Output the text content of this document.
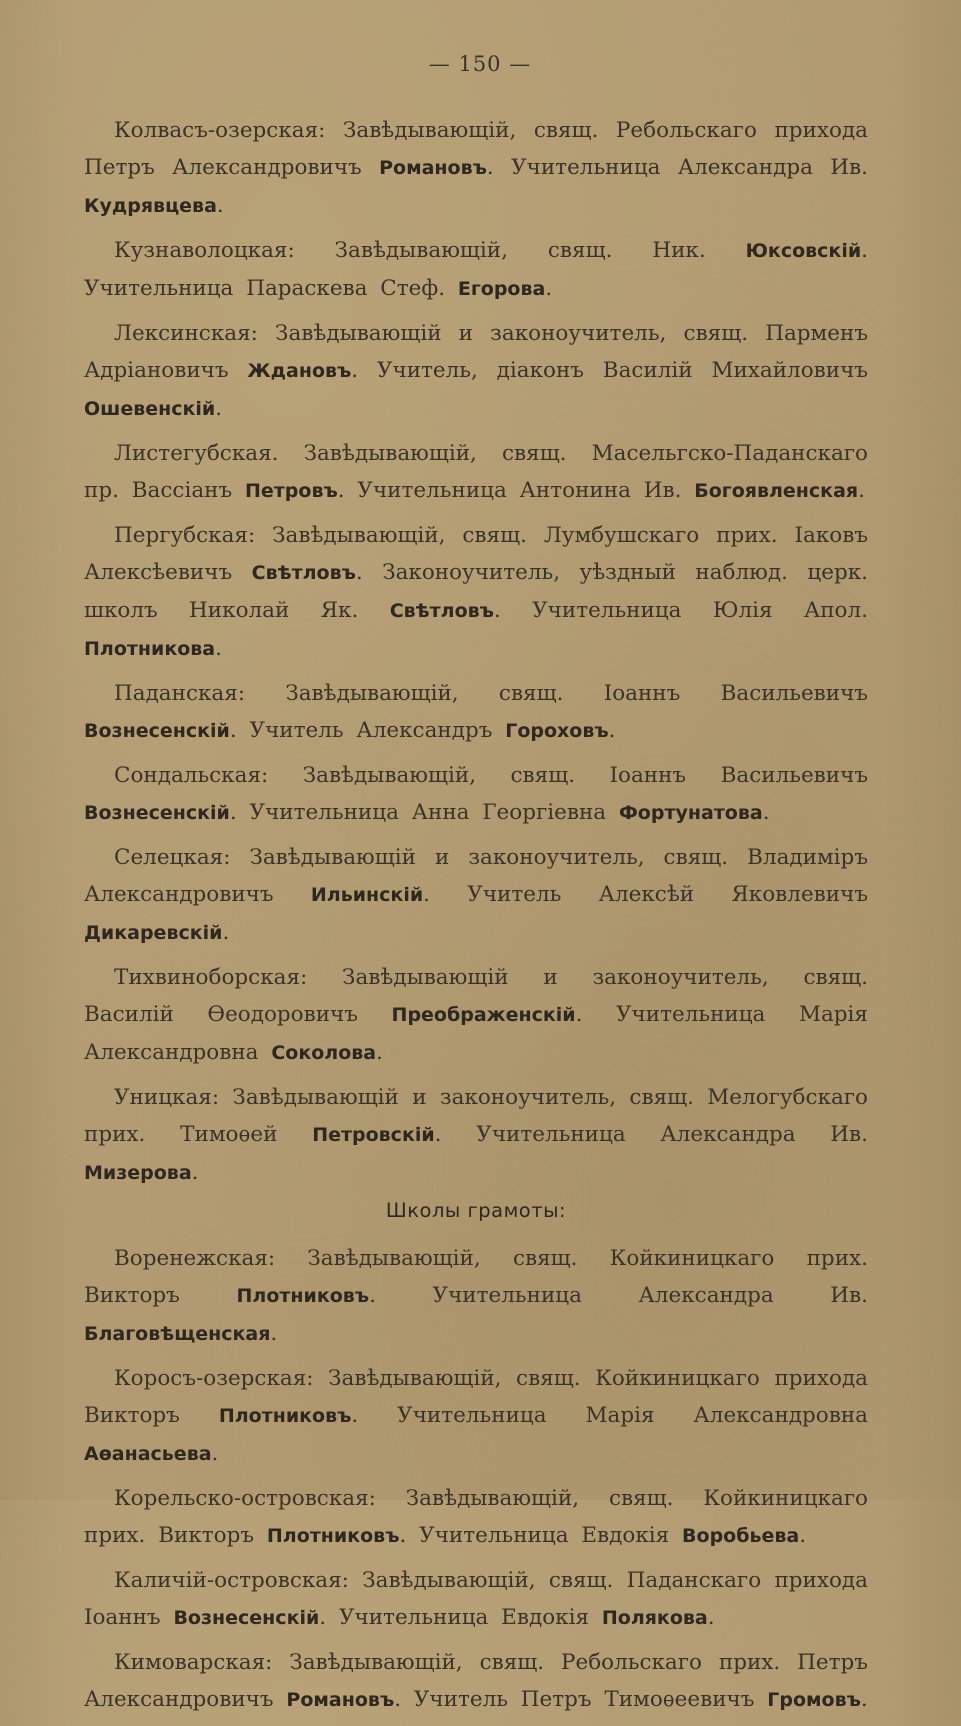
— 150 —

Колвасъ-озерская: Завѣдывающій, свящ. Ребольскаго прихода Петръ Александровичъ Романовъ. Учительница Александра Ив. Кудрявцева.

Кузнаволоцкая: Завѣдывающій, свящ. Ник. Юксовскій. Учительница Параскева Стеф. Егорова.

Лексинская: Завѣдывающій и законоучитель, свящ. Парменъ Адріановичъ Ждановъ. Учитель, діаконъ Василій Михайловичъ Ошевенскій.

Листегубская. Завѣдывающій, свящ. Масельгско-Паданскаго пр. Вассіанъ Петровъ. Учительница Антонина Ив. Богоявленская.

Пергубская: Завѣдывающій, свящ. Лумбушскаго прих. Іаковъ Алексѣевичъ Свѣтловъ. Законоучитель, уѣздный наблюд. церк. школъ Николай Як. Свѣтловъ. Учительница Юлія Апол. Плотникова.

Паданская: Завѣдывающій, свящ. Іоаннъ Васильевичъ Вознесенскій. Учитель Александръ Гороховъ.

Сондальская: Завѣдывающій, свящ. Іоаннъ Васильевичъ Вознесенскій. Учительница Анна Георгіевна Фортунатова.

Селецкая: Завѣдывающій и законоучитель, свящ. Владиміръ Александровичъ Ильинскій. Учитель Алексѣй Яковлевичъ Дикаревскій.

Тихвиноборская: Завѣдывающій и законоучитель, свящ. Василій Ѳеодоровичъ Преображенскій. Учительница Марія Александровна Соколова.

Уницкая: Завѣдывающій и законоучитель, свящ. Мелогубскаго прих. Тимоѳей Петровскій. Учительница Александра Ив. Мизерова.

Школы грамоты:

Воренежская: Завѣдывающій, свящ. Койкиницкаго прих. Викторъ Плотниковъ. Учительница Александра Ив. Благовѣщенская.

Коросъ-озерская: Завѣдывающій, свящ. Койкиницкаго прихода Викторъ Плотниковъ. Учительница Марія Александровна Аѳанасьева.

Корельско-островская: Завѣдывающій, свящ. Койкиницкаго прих. Викторъ Плотниковъ. Учительница Евдокія Воробьева.

Каличій-островская: Завѣдывающій, свящ. Паданскаго прихода Іоаннъ Вознесенскій. Учительница Евдокія Полякова.

Кимоварская: Завѣдывающій, свящ. Ребольскаго прих. Петръ Александровичъ Романовъ. Учитель Петръ Тимоѳеевичъ Громовъ.
